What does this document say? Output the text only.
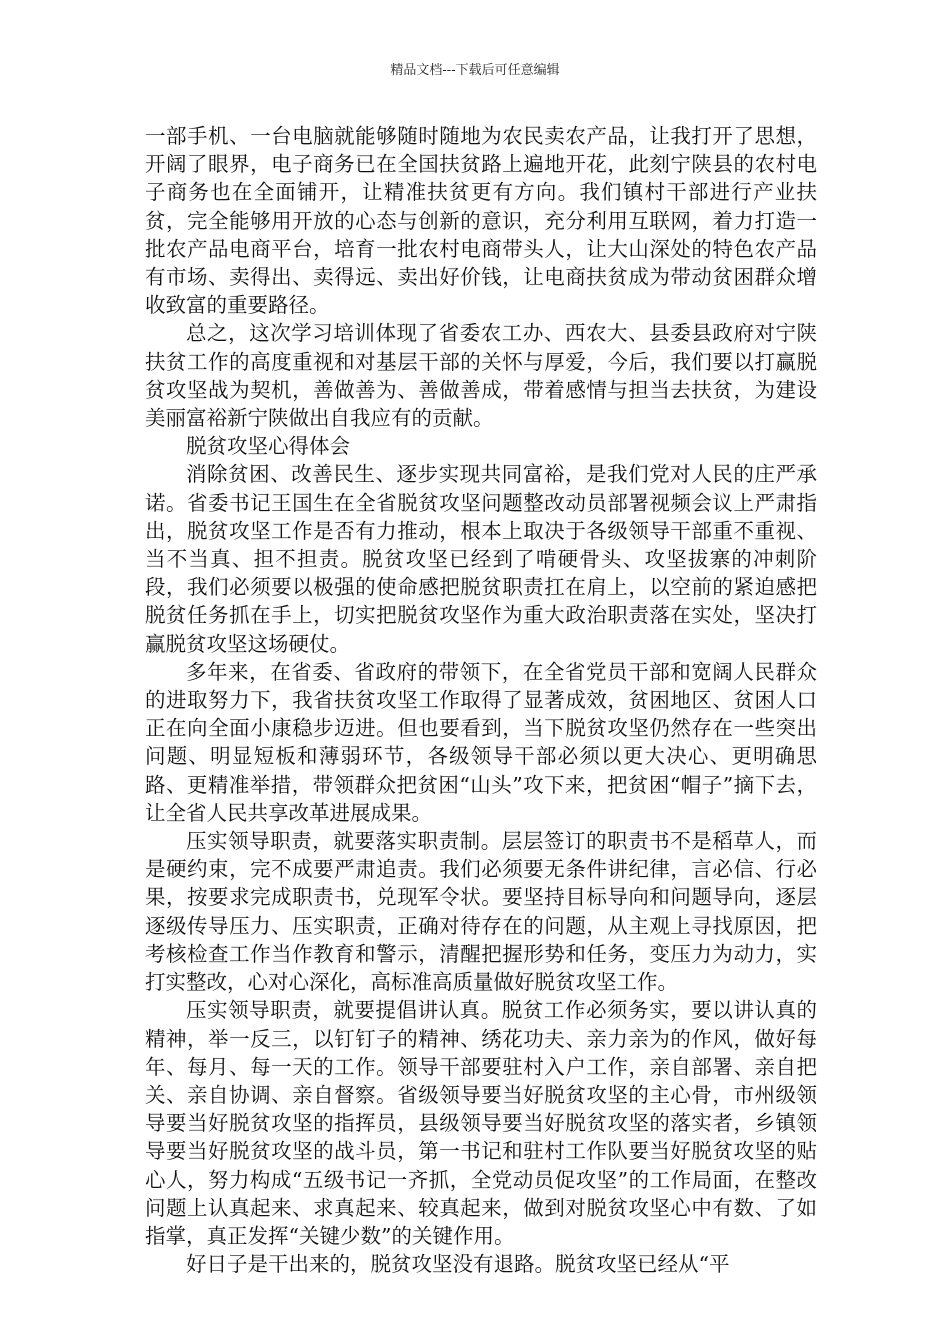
精品文档---下载后可任意编辑

一部手机、一台电脑就能够随时随地为农民卖农产品，让我打开了思想，开阔了眼界，电子商务已在全国扶贫路上遍地开花，此刻宁陕县的农村电子商务也在全面铺开，让精准扶贫更有方向。我们镇村干部进行产业扶贫，完全能够用开放的心态与创新的意识，充分利用互联网，着力打造一批农产品电商平台，培育一批农村电商带头人，让大山深处的特色农产品有市场、卖得出、卖得远、卖出好价钱，让电商扶贫成为带动贫困群众增收致富的重要路径。

总之，这次学习培训体现了省委农工办、西农大、县委县政府对宁陕扶贫工作的高度重视和对基层干部的关怀与厚爱，今后，我们要以打赢脱贫攻坚战为契机，善做善为、善做善成，带着感情与担当去扶贫，为建设美丽富裕新宁陕做出自我应有的贡献。

脱贫攻坚心得体会

消除贫困、改善民生、逐步实现共同富裕，是我们党对人民的庄严承诺。省委书记王国生在全省脱贫攻坚问题整改动员部署视频会议上严肃指出，脱贫攻坚工作是否有力推动，根本上取决于各级领导干部重不重视、当不当真、担不担责。脱贫攻坚已经到了啃硬骨头、攻坚拔寨的冲刺阶段，我们必须要以极强的使命感把脱贫职责扛在肩上，以空前的紧迫感把脱贫任务抓在手上，切实把脱贫攻坚作为重大政治职责落在实处，坚决打赢脱贫攻坚这场硬仗。

多年来，在省委、省政府的带领下，在全省党员干部和宽阔人民群众的进取努力下，我省扶贫攻坚工作取得了显著成效，贫困地区、贫困人口正在向全面小康稳步迈进。但也要看到，当下脱贫攻坚仍然存在一些突出问题、明显短板和薄弱环节，各级领导干部必须以更大决心、更明确思路、更精准举措，带领群众把贫困“山头”攻下来，把贫困“帽子”摘下去，让全省人民共享改革进展成果。

压实领导职责，就要落实职责制。层层签订的职责书不是稻草人，而是硬约束，完不成要严肃追责。我们必须要无条件讲纪律，言必信、行必果，按要求完成职责书，兑现军令状。要坚持目标导向和问题导向，逐层逐级传导压力、压实职责，正确对待存在的问题，从主观上寻找原因，把考核检查工作当作教育和警示，清醒把握形势和任务，变压力为动力，实打实整改，心对心深化，高标准高质量做好脱贫攻坚工作。

压实领导职责，就要提倡讲认真。脱贫工作必须务实，要以讲认真的精神，举一反三，以钉钉子的精神、绣花功夫、亲力亲为的作风，做好每年、每月、每一天的工作。领导干部要驻村入户工作，亲自部署、亲自把关、亲自协调、亲自督察。省级领导要当好脱贫攻坚的主心骨，市州级领导要当好脱贫攻坚的指挥员，县级领导要当好脱贫攻坚的落实者，乡镇领导要当好脱贫攻坚的战斗员，第一书记和驻村工作队要当好脱贫攻坚的贴心人，努力构成“五级书记一齐抓，全党动员促攻坚”的工作局面，在整改问题上认真起来、求真起来、较真起来，做到对脱贫攻坚心中有数、了如指掌，真正发挥“关键少数”的关键作用。

好日子是干出来的，脱贫攻坚没有退路。脱贫攻坚已经从“平
